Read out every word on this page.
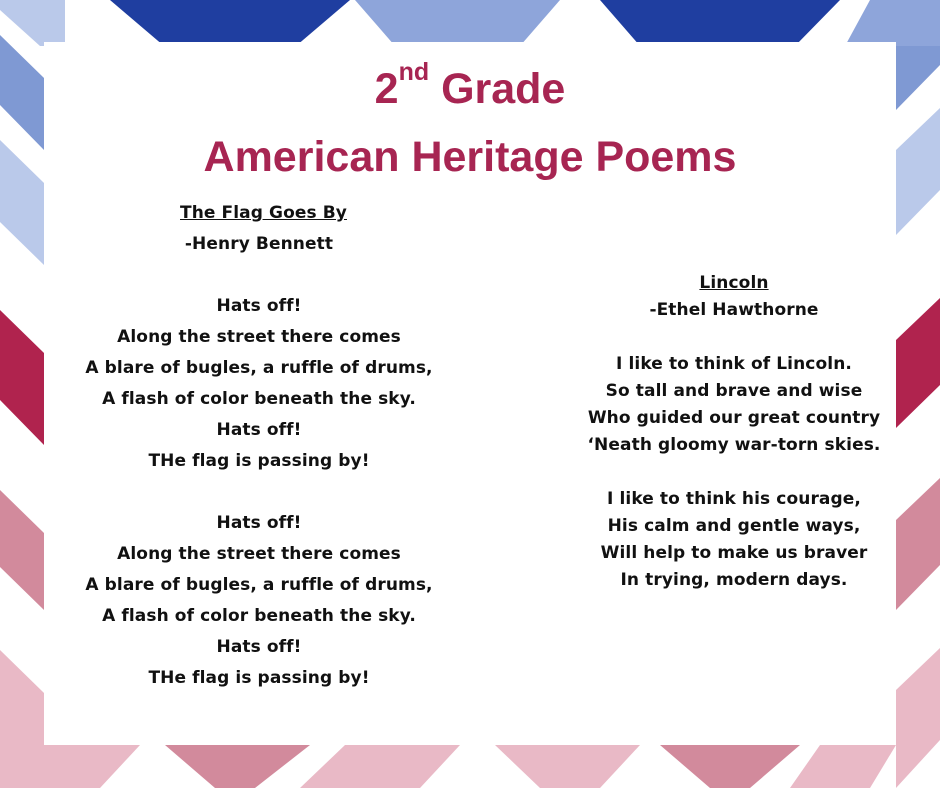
2nd Grade
American Heritage Poems

The Flag Goes By

-Henry Bennett

Hats off!

Along the street there comes

A blare of bugles, a ruffle of drums,

A flash of color beneath the sky.

Hats off!

THe flag is passing by!

Hats off!

Along the street there comes

A blare of bugles, a ruffle of drums,

A flash of color beneath the sky.

Hats off!

THe flag is passing by!

Lincoln

-Ethel Hawthorne

I like to think of Lincoln.

So tall and brave and wise

Who guided our great country

‘Neath gloomy war-torn skies.

I like to think his courage,

His calm and gentle ways,

Will help to make us braver

In trying, modern days.
